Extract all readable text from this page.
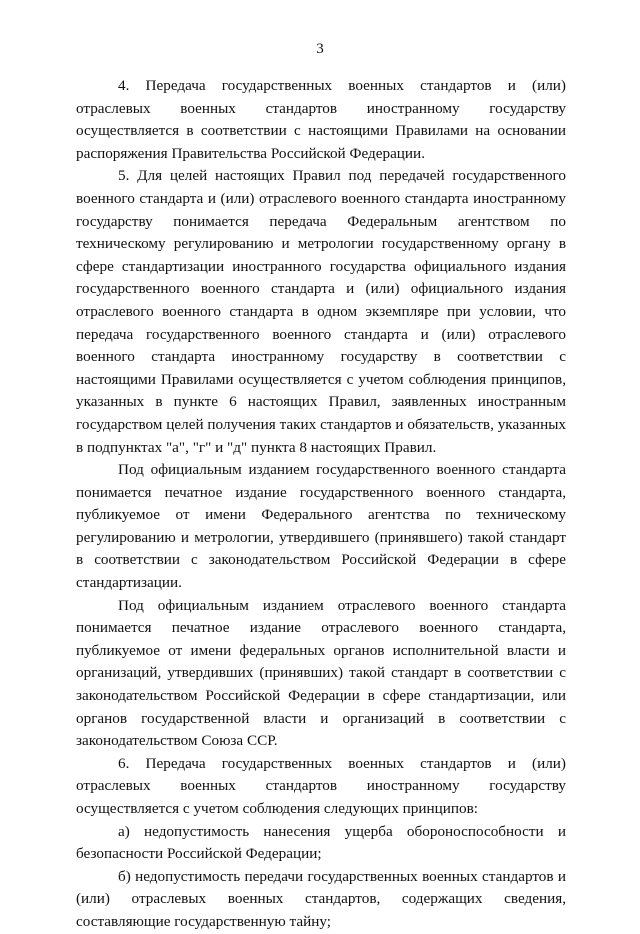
3

4. Передача государственных военных стандартов и (или) отраслевых военных стандартов иностранному государству осуществляется в соответствии с настоящими Правилами на основании распоряжения Правительства Российской Федерации.

5. Для целей настоящих Правил под передачей государственного военного стандарта и (или) отраслевого военного стандарта иностранному государству понимается передача Федеральным агентством по техническому регулированию и метрологии государственному органу в сфере стандартизации иностранного государства официального издания государственного военного стандарта и (или) официального издания отраслевого военного стандарта в одном экземпляре при условии, что передача государственного военного стандарта и (или) отраслевого военного стандарта иностранному государству в соответствии с настоящими Правилами осуществляется с учетом соблюдения принципов, указанных в пункте 6 настоящих Правил, заявленных иностранным государством целей получения таких стандартов и обязательств, указанных в подпунктах "а", "г" и "д" пункта 8 настоящих Правил.

Под официальным изданием государственного военного стандарта понимается печатное издание государственного военного стандарта, публикуемое от имени Федерального агентства по техническому регулированию и метрологии, утвердившего (принявшего) такой стандарт в соответствии с законодательством Российской Федерации в сфере стандартизации.

Под официальным изданием отраслевого военного стандарта понимается печатное издание отраслевого военного стандарта, публикуемое от имени федеральных органов исполнительной власти и организаций, утвердивших (принявших) такой стандарт в соответствии с законодательством Российской Федерации в сфере стандартизации, или органов государственной власти и организаций в соответствии с законодательством Союза ССР.

6. Передача государственных военных стандартов и (или) отраслевых военных стандартов иностранному государству осуществляется с учетом соблюдения следующих принципов:

а) недопустимость нанесения ущерба обороноспособности и безопасности Российской Федерации;

б) недопустимость передачи государственных военных стандартов и (или) отраслевых военных стандартов, содержащих сведения, составляющие государственную тайну;
